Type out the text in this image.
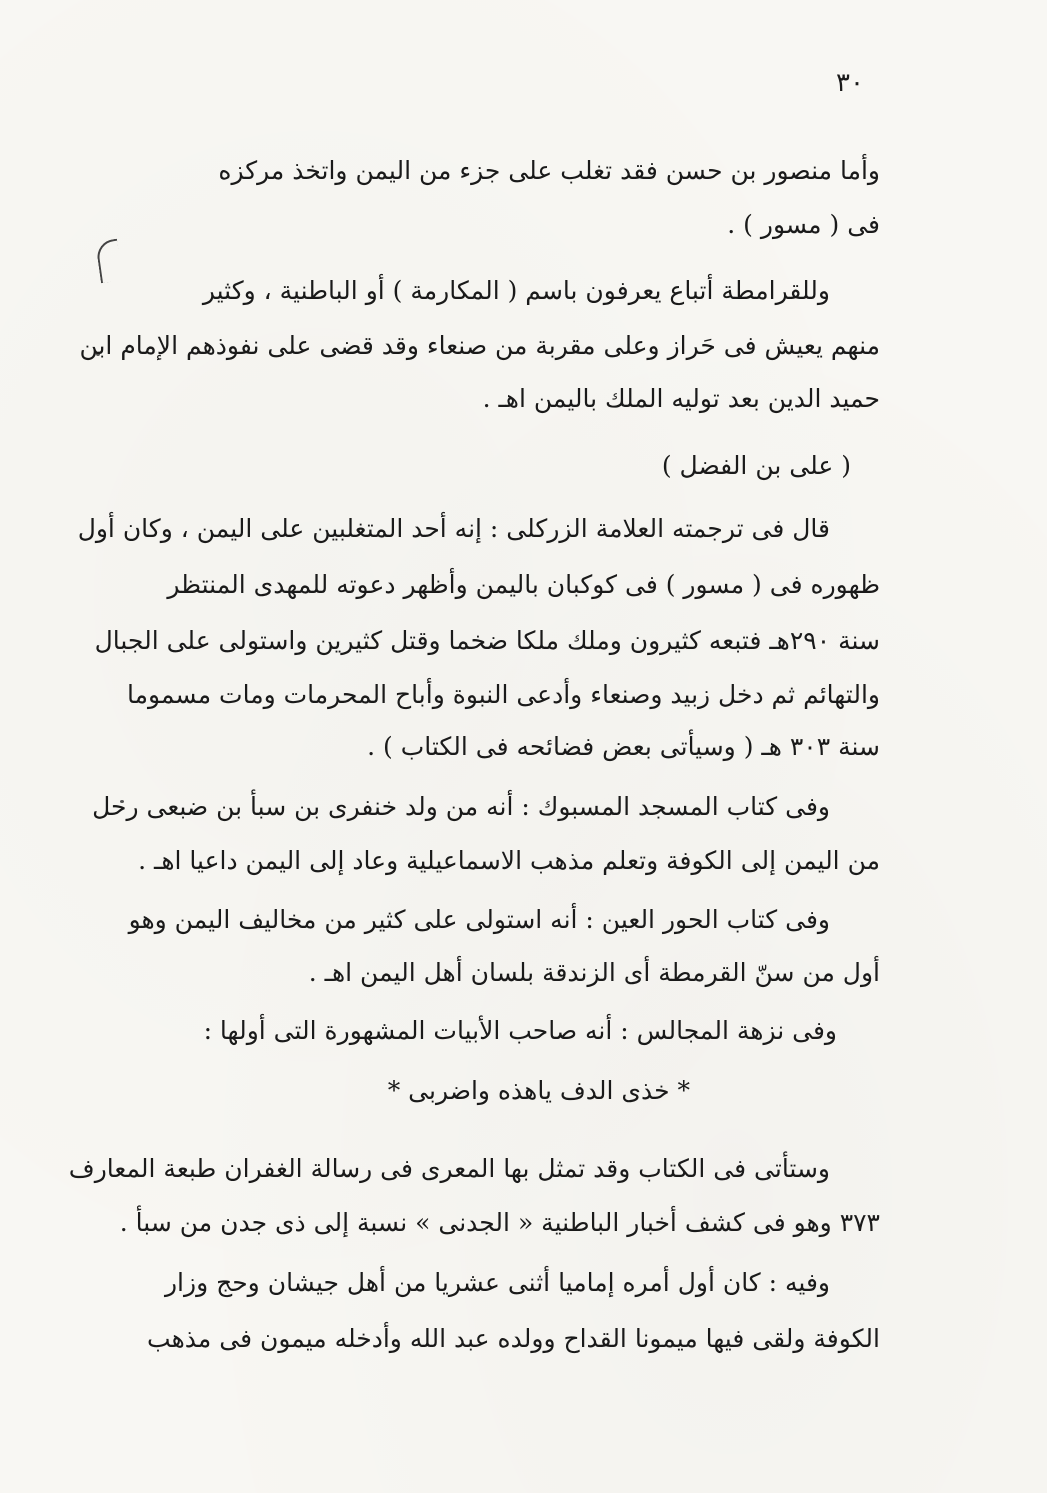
٣٠
وأما منصور بن حسن فقد تغلب على جزء من اليمن واتخذ مركزه
فى ( مسور ) .
وللقرامطة أتباع يعرفون باسم ( المكارمة ) أو الباطنية ، وكثير
منهم يعيش فى حَراز وعلى مقربة من صنعاء وقد قضى على نفوذهم الإمام ابن
حميد الدين بعد توليه الملك باليمن اهـ .
( على بن الفضل )
قال فى ترجمته العلامة الزركلى : إنه أحد المتغلبين على اليمن ، وكان أول
ظهوره فى ( مسور ) فى كوكبان باليمن وأظهر دعوته للمهدى المنتظر
سنة ٢٩٠هـ فتبعه كثيرون وملك ملكا ضخما وقتل كثيرين واستولى على الجبال
والتهائم ثم دخل زبيد وصنعاء وأدعى النبوة وأباح المحرمات ومات مسموما
سنة ٣٠٣ هـ ( وسيأتى بعض فضائحه فى الكتاب ) .
وفى كتاب المسجد المسبوك : أنه من ولد خنفرى بن سبأ بن ضبعى رحل
من اليمن إلى الكوفة وتعلم مذهب الاسماعيلية وعاد إلى اليمن داعيا اهـ .
وفى كتاب الحور العين : أنه استولى على كثير من مخاليف اليمن وهو
أول من سنّ القرمطة أى الزندقة بلسان أهل اليمن اهـ .
وفى نزهة المجالس : أنه صاحب الأبيات المشهورة التى أولها :
* خذى الدف ياهذه واضربى *
وستأتى فى الكتاب وقد تمثل بها المعرى فى رسالة الغفران طبعة المعارف
٣٧٣ وهو فى كشف أخبار الباطنية « الجدنى » نسبة إلى ذى جدن من سبأ .
وفيه : كان أول أمره إماميا أثنى عشريا من أهل جيشان وحج وزار
الكوفة ولقى فيها ميمونا القداح وولده عبد الله وأدخله ميمون فى مذهب
